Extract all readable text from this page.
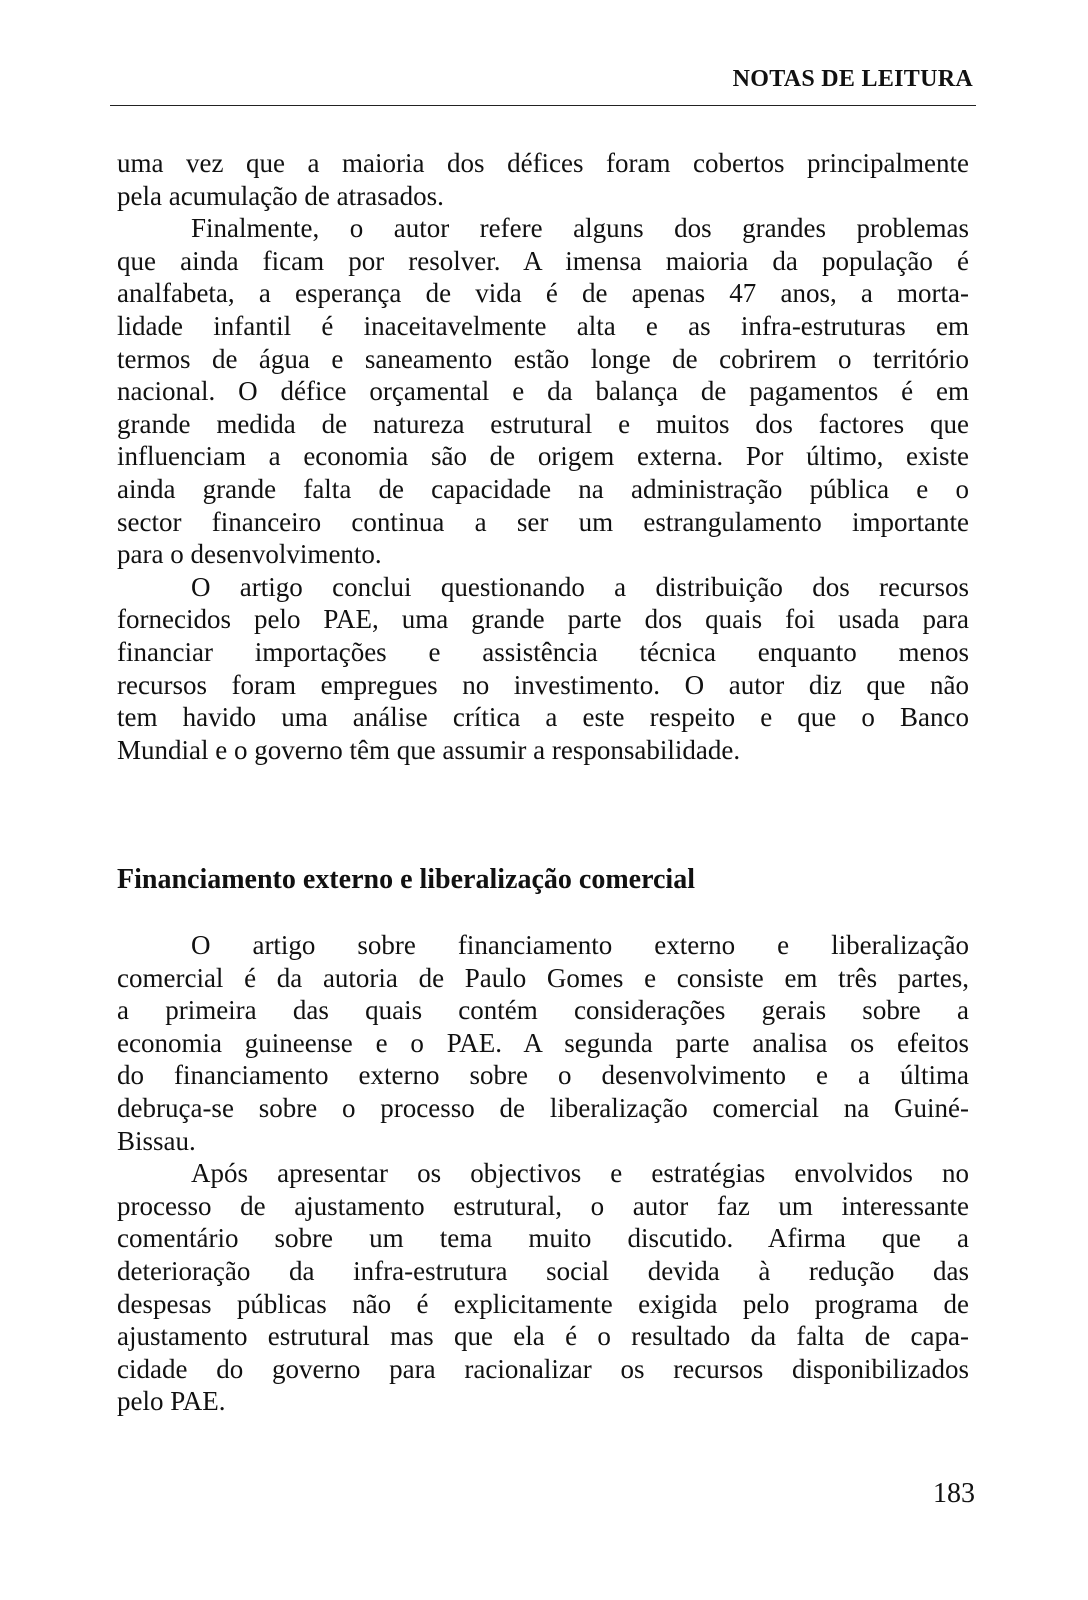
NOTAS DE LEITURA
uma vez que a maioria dos défices foram cobertos principalmente
pela acumulação de atrasados.
Finalmente, o autor refere alguns dos grandes problemas
que ainda ficam por resolver. A imensa maioria da população é
analfabeta, a esperança de vida é de apenas 47 anos, a morta-
lidade infantil é inaceitavelmente alta e as infra-estruturas em
termos de água e saneamento estão longe de cobrirem o território
nacional. O défice orçamental e da balança de pagamentos é em
grande medida de natureza estrutural e muitos dos factores que
influenciam a economia são de origem externa. Por último, existe
ainda grande falta de capacidade na administração pública e o
sector financeiro continua a ser um estrangulamento importante
para o desenvolvimento.
O artigo conclui questionando a distribuição dos recursos
fornecidos pelo PAE, uma grande parte dos quais foi usada para
financiar importações e assistência técnica enquanto menos
recursos foram empregues no investimento. O autor diz que não
tem havido uma análise crítica a este respeito e que o Banco
Mundial e o governo têm que assumir a responsabilidade.
Financiamento externo e liberalização comercial
O artigo sobre financiamento externo e liberalização
comercial é da autoria de Paulo Gomes e consiste em três partes,
a primeira das quais contém considerações gerais sobre a
economia guineense e o PAE. A segunda parte analisa os efeitos
do financiamento externo sobre o desenvolvimento e a última
debruça-se sobre o processo de liberalização comercial na Guiné-
Bissau.
Após apresentar os objectivos e estratégias envolvidos no
processo de ajustamento estrutural, o autor faz um interessante
comentário sobre um tema muito discutido. Afirma que a
deterioração da infra-estrutura social devida à redução das
despesas públicas não é explicitamente exigida pelo programa de
ajustamento estrutural mas que ela é o resultado da falta de capa-
cidade do governo para racionalizar os recursos disponibilizados
pelo PAE.
183
